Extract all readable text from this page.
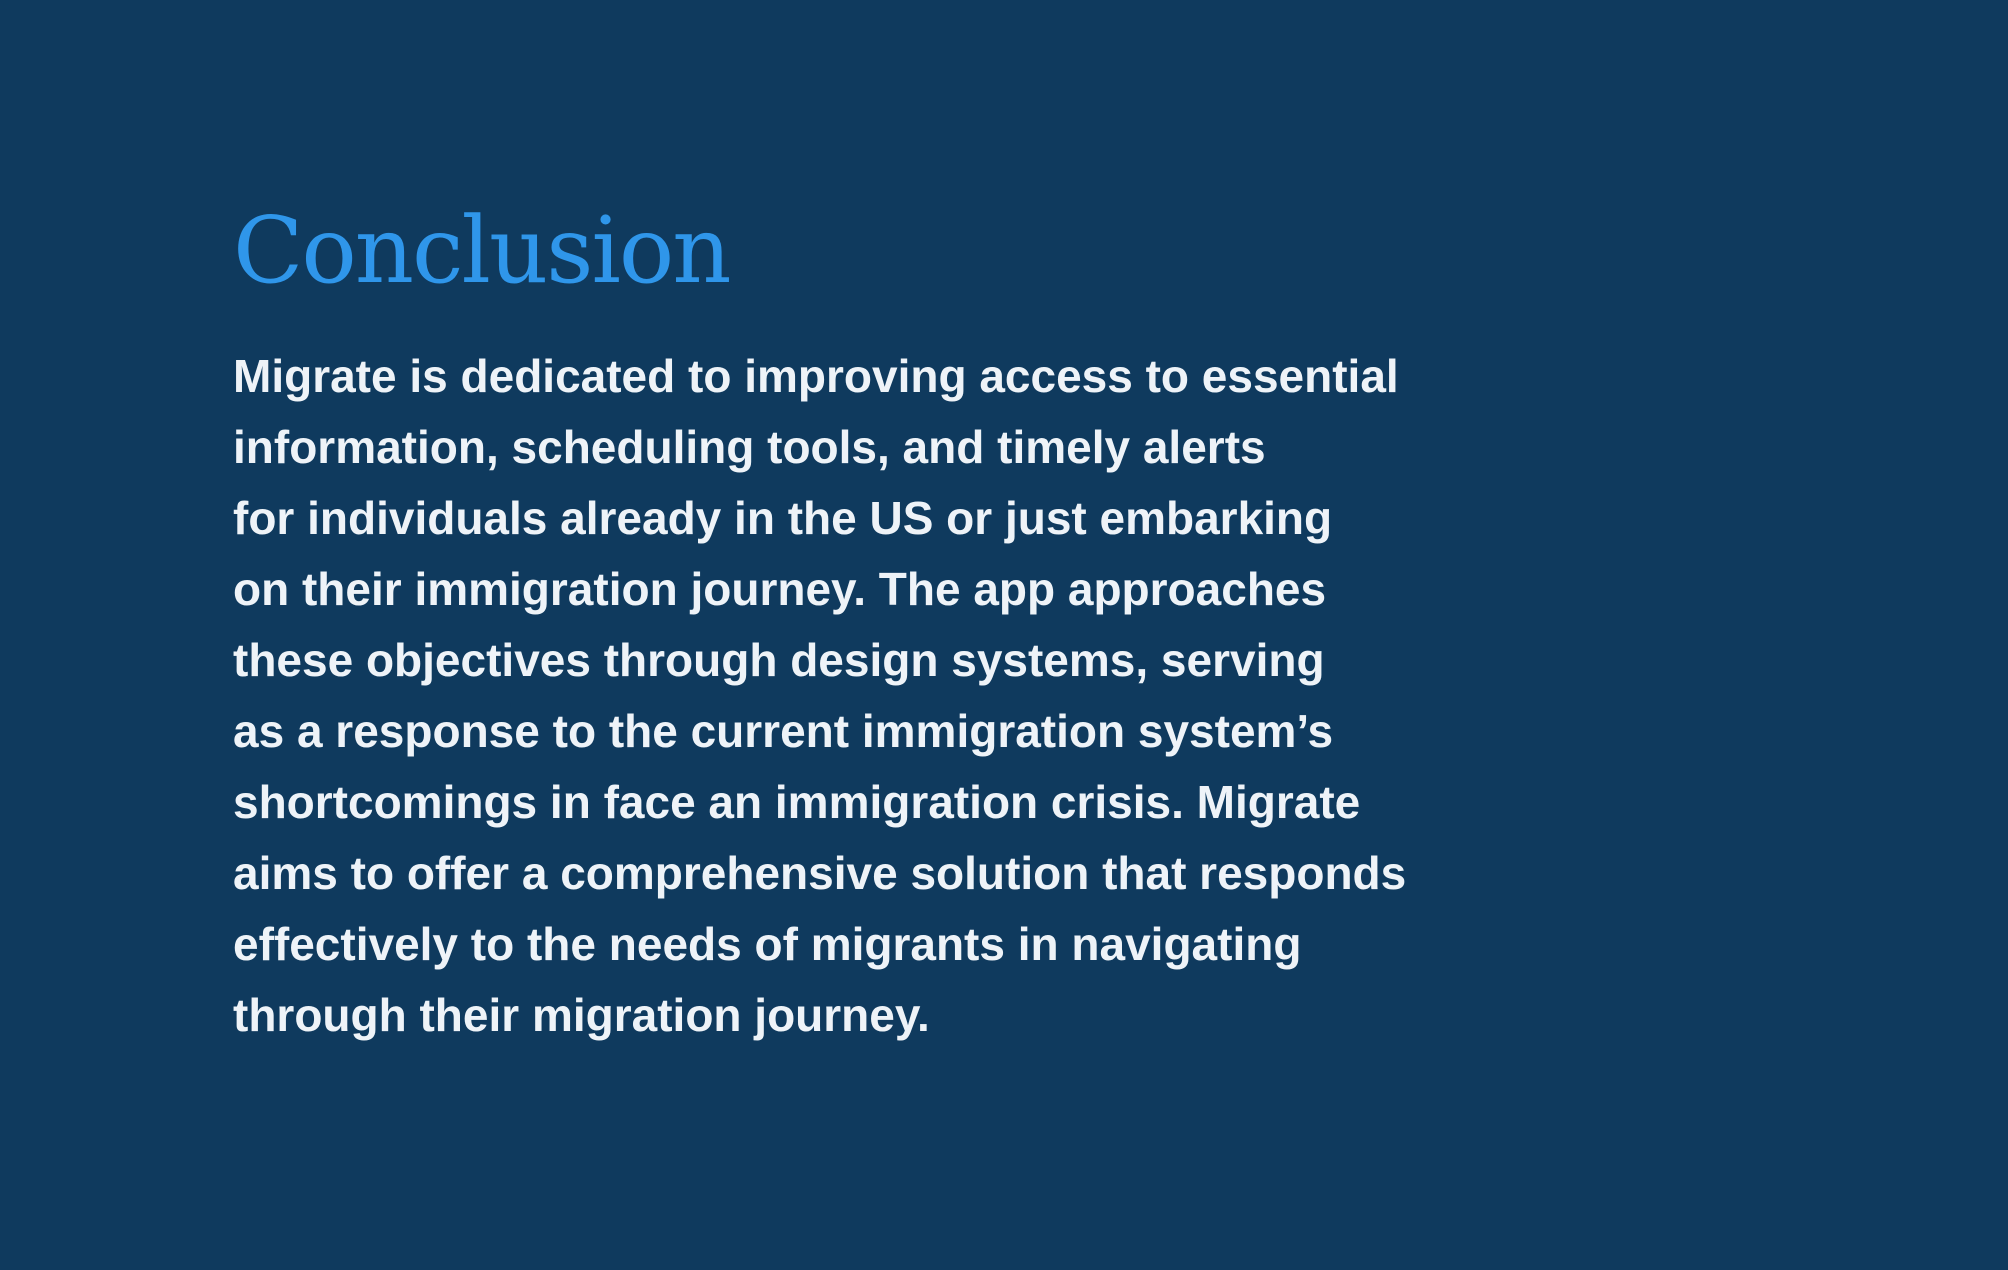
Conclusion

Migrate is dedicated to improving access to essential
information, scheduling tools, and timely alerts
for individuals already in the US or just embarking
on their immigration journey. The app approaches
these objectives through design systems, serving
as a response to the current immigration system’s
shortcomings in face an immigration crisis. Migrate
aims to offer a comprehensive solution that responds
effectively to the needs of migrants in navigating
through their migration journey.
